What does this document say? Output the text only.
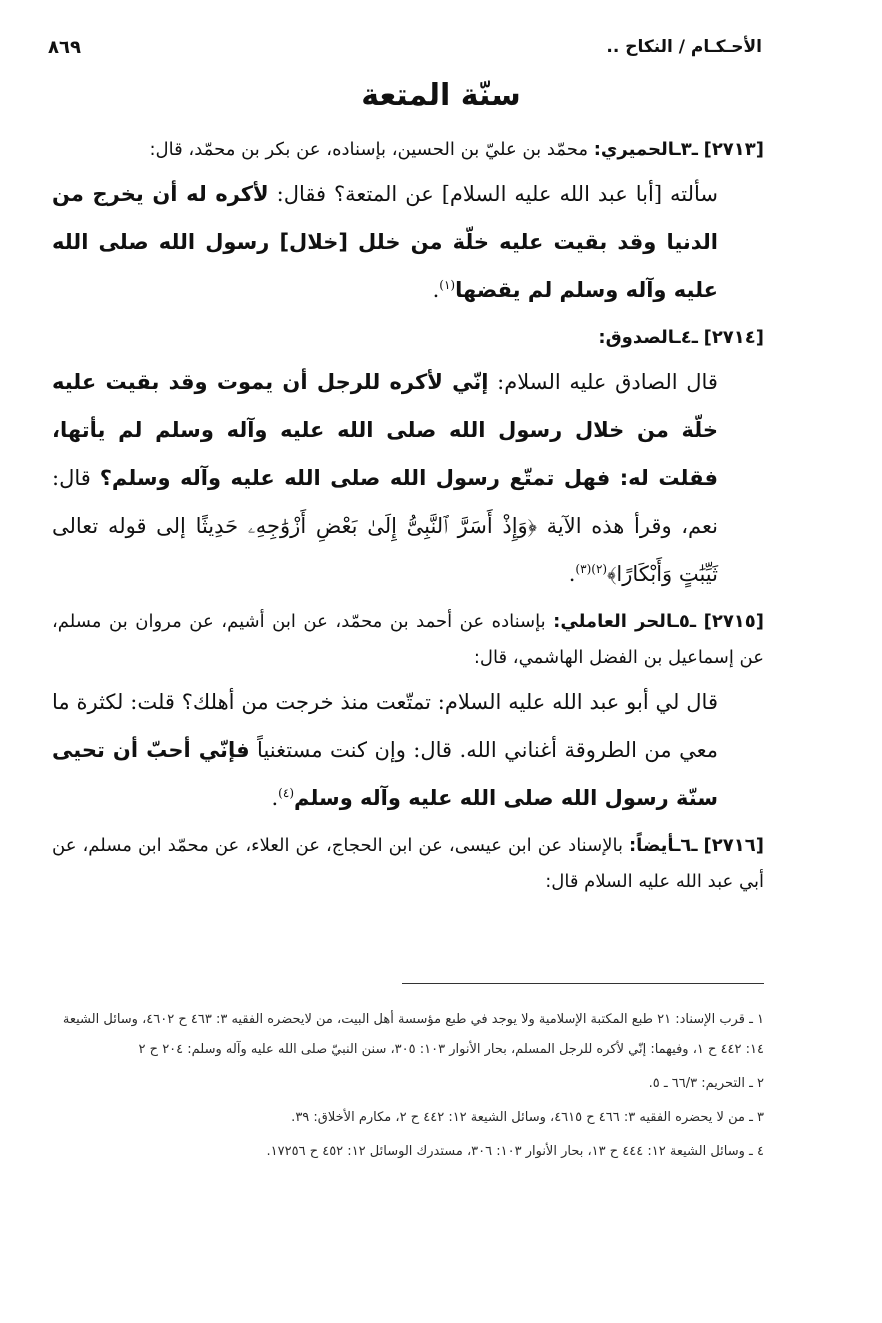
الأحـكـام / النكاح ..
٨٦٩
سنّة المتعة
[٢٧١٣] ـ٣ـالحميري: محمّد بن عليّ بن الحسين، بإسناده، عن بكر بن محمّد، قال:
سألته [أبا عبد الله عليه السلام] عن المتعة؟ فقال: لأكره له أن يخرج من الدنيا وقد بقيت عليه خلّة من خلل [خلال] رسول الله صلى الله عليه وآله وسلم لم يقضها$^{(١)}$.
[٢٧١٤] ـ٤ـالصدوق:
قال الصادق عليه السلام: إنّي لأكره للرجل أن يموت وقد بقيت عليه خلّة من خلال رسول الله صلى الله عليه وآله وسلم لم يأتها، فقلت له: فهل تمتّع رسول الله صلى الله عليه وآله وسلم؟ قال: نعم، وقرأ هذه الآية ﴿وَإِذْ أَسَرَّ ٱلنَّبِىُّ إِلَىٰ بَعْضِ أَزْوَٰجِهِۦ حَدِيثًا إلى قوله تعالى ثَيِّبَٰتٍ وَأَبْكَارًا﴾$^{(٢)(٣)}$.
[٢٧١٥] ـ٥ـالحر العاملي: بإسناده عن أحمد بن محمّد، عن ابن أشيم، عن مروان بن مسلم، عن إسماعيل بن الفضل الهاشمي، قال:
قال لي أبو عبد الله عليه السلام: تمتّعت منذ خرجت من أهلك؟ قلت: لكثرة ما معي من الطروقة أغناني الله. قال: وإن كنت مستغنياً فإنّي أحبّ أن تحيى سنّة رسول الله صلى الله عليه وآله وسلم$^{(٤)}$.
[٢٧١٦] ـ٦ـأيضاً: بالإسناد عن ابن عيسى، عن ابن الحجاج، عن العلاء، عن محمّد ابن مسلم، عن أبي عبد الله عليه السلام قال:

١ ـ قرب الإسناد: ٢١ طبع المكتبة الإسلامية ولا يوجد في طبع مؤسسة أهل البيت، من لايحضره الفقيه ٣: ٤٦٣ ح ٤٦٠٢، وسائل الشيعة ١٤: ٤٤٢ ح ١، وفيهما: إنّي لأكره للرجل المسلم، بحار الأنوار ١٠٣: ٣٠٥، سنن النبيّ صلى الله عليه وآله وسلم: ٢٠٤ ح ٢

٢ ـ التحريم: ٦٦/٣ ـ ٥.

٣ ـ من لا يحضره الفقيه ٣: ٤٦٦ ح ٤٦١٥، وسائل الشيعة ١٢: ٤٤٢ ح ٢، مكارم الأخلاق: ٣٩.

٤ ـ وسائل الشيعة ١٢: ٤٤٤ ح ١٣، بحار الأنوار ١٠٣: ٣٠٦، مستدرك الوسائل ١٢: ٤٥٢ ح ١٧٢٥٦.
